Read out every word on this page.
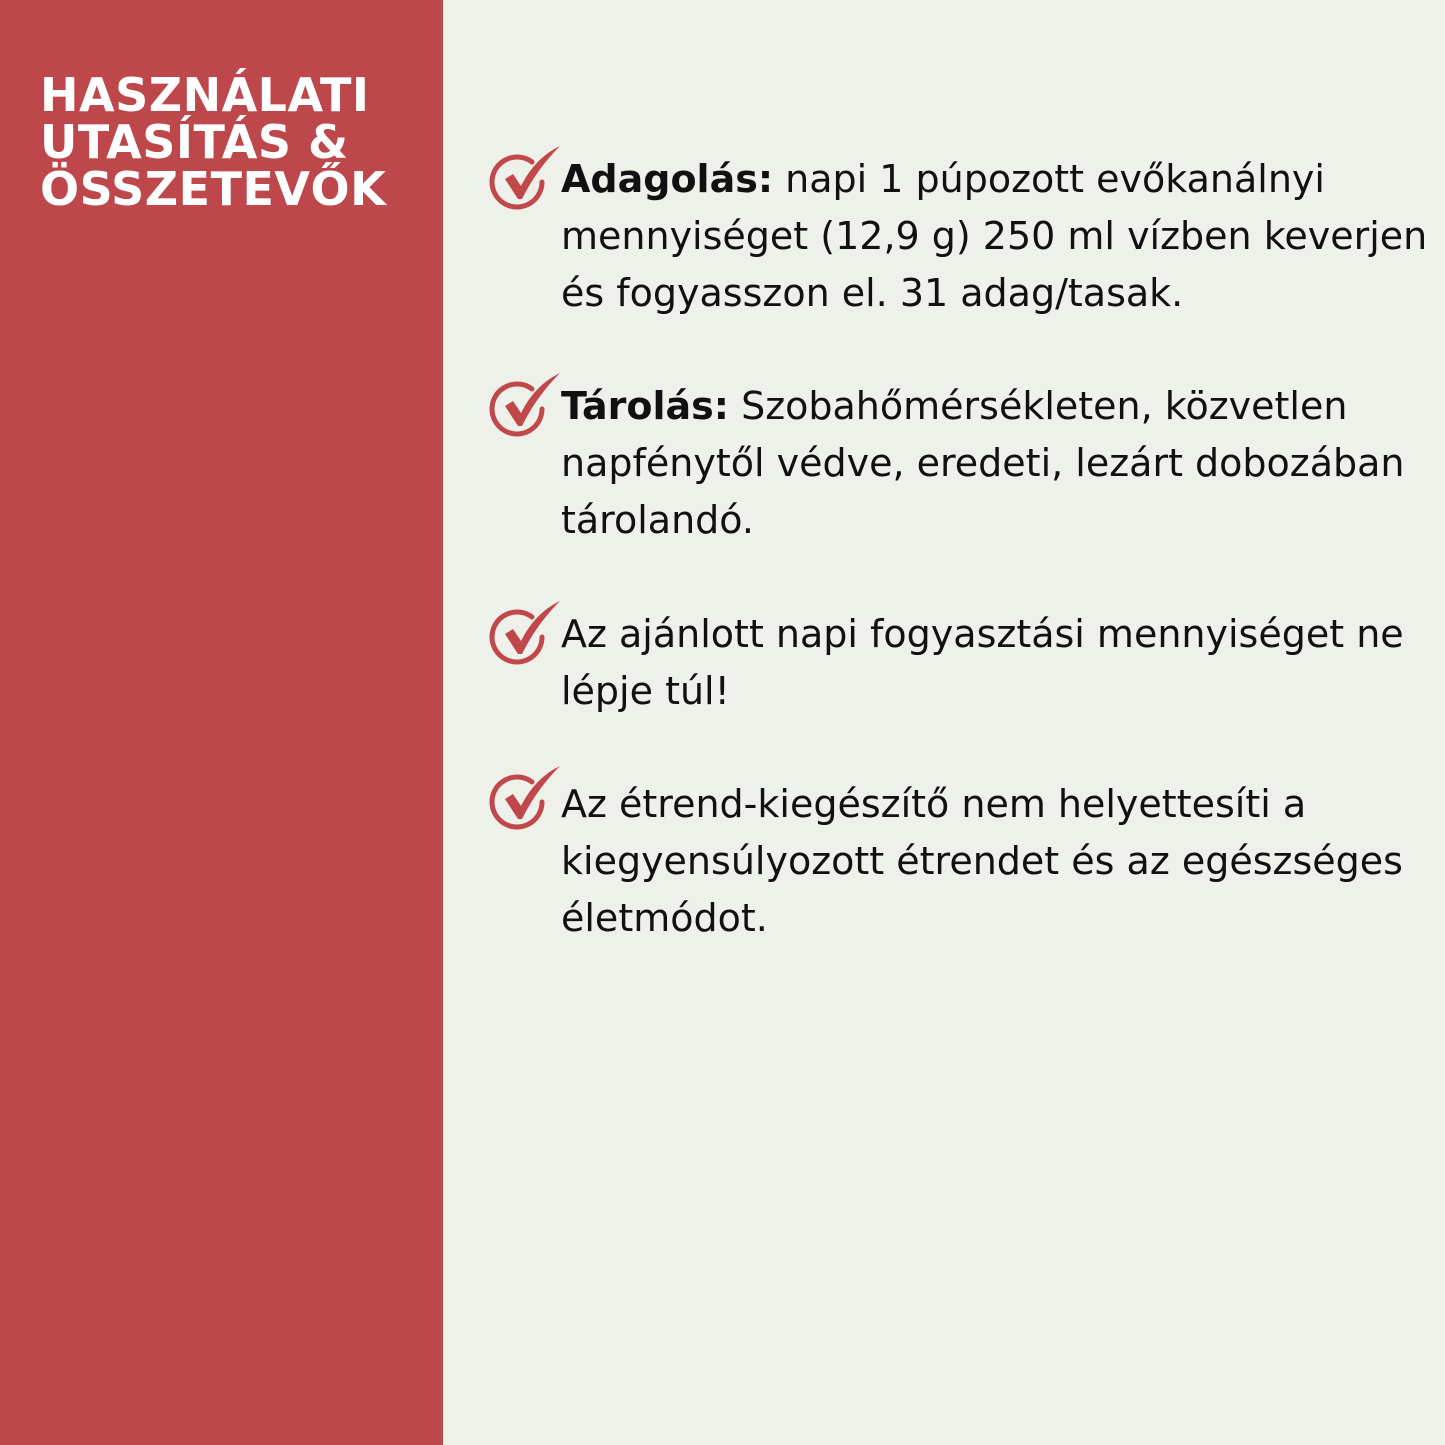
HASZNÁLATI
UTASÍTÁS &
ÖSSZETEVŐK	Adagolás: napi 1 púpozott evőkanálnyi mennyiséget (12,9 g) 250 ml vízben keverjen és fogyasszon el. 31 adag/tasak.

Tárolás: Szobahőmérsékleten, közvetlen napfénytől védve, eredeti, lezárt dobozában tárolandó.

Az ajánlott napi fogyasztási mennyiséget ne lépje túl!

Az étrend-kiegészítő nem helyettesíti a kiegyensúlyozott étrendet és az egészséges életmódot.
